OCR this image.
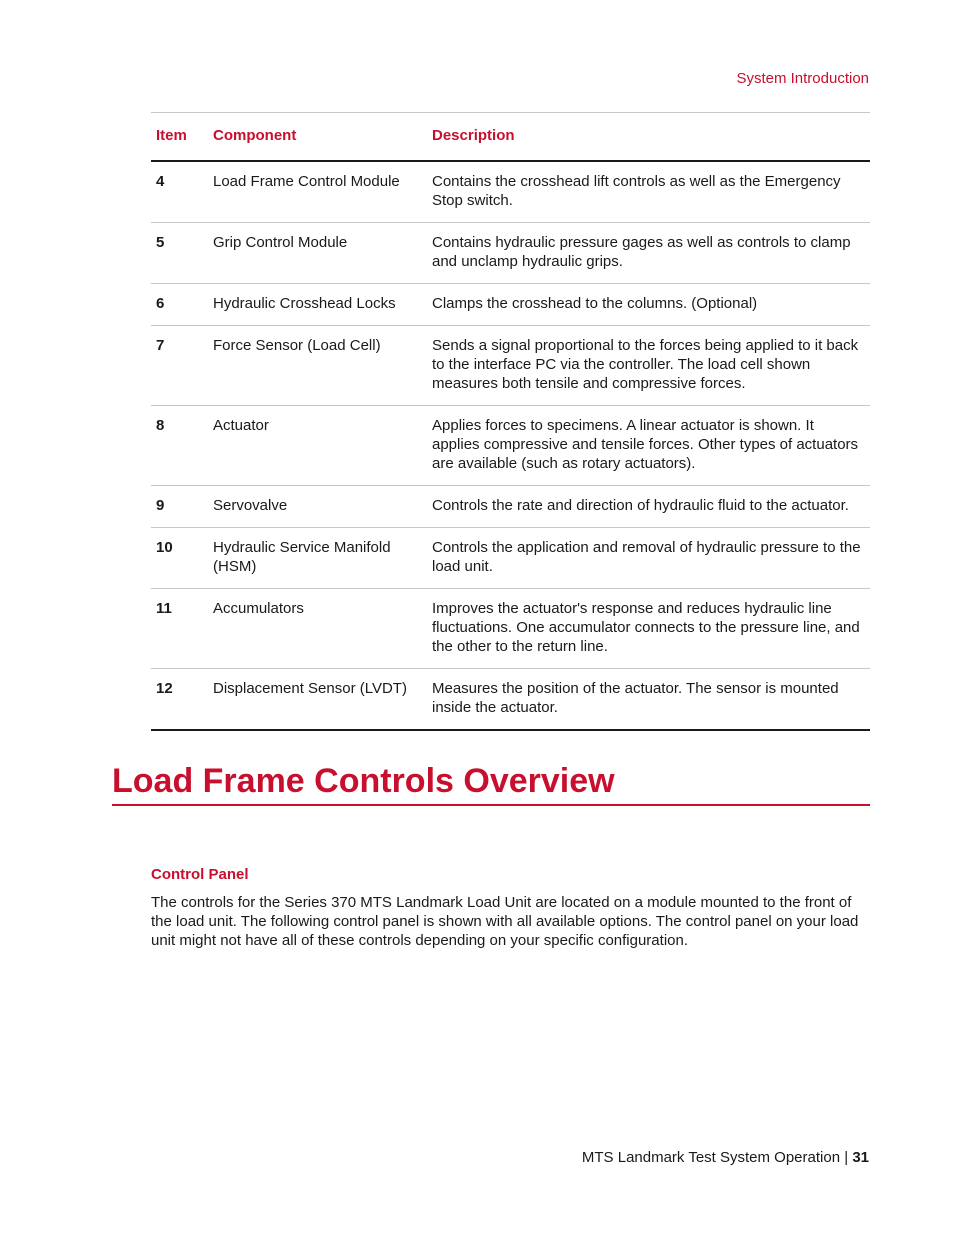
System Introduction
Item	Component	Description
4	Load Frame Control Module	Contains the crosshead lift controls as well as the Emergency Stop switch.
5	Grip Control Module	Contains hydraulic pressure gages as well as controls to clamp and unclamp hydraulic grips.
6	Hydraulic Crosshead Locks	Clamps the crosshead to the columns. (Optional)
7	Force Sensor (Load Cell)	Sends a signal proportional to the forces being applied to it back to the interface PC via the controller. The load cell shown measures both tensile and compressive forces.
8	Actuator	Applies forces to specimens. A linear actuator is shown. It applies compressive and tensile forces. Other types of actuators are available (such as rotary actuators).
9	Servovalve	Controls the rate and direction of hydraulic fluid to the actuator.
10	Hydraulic Service Manifold (HSM)	Controls the application and removal of hydraulic pressure to the load unit.
11	Accumulators	Improves the actuator's response and reduces hydraulic line fluctuations. One accumulator connects to the pressure line, and the other to the return line.
12	Displacement Sensor (LVDT)	Measures the position of the actuator. The sensor is mounted inside the actuator.
Load Frame Controls Overview
Control Panel

The controls for the Series 370 MTS Landmark Load Unit are located on a module mounted to the front of the load unit. The following control panel is shown with all available options. The control panel on your load unit might not have all of these controls depending on your specific configuration.

MTS Landmark Test System Operation | 31
